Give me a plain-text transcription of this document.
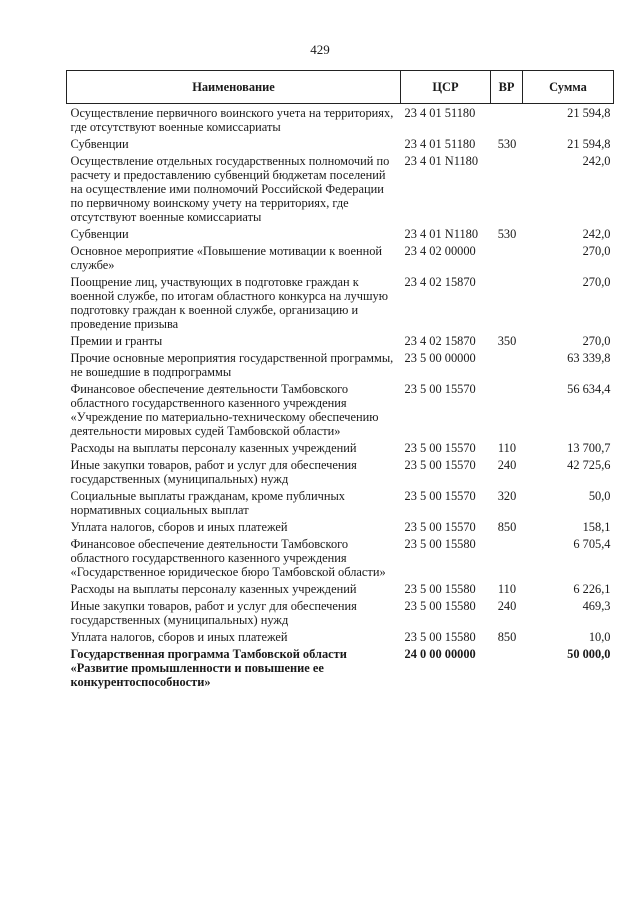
429
Наименование	ЦСР	ВР	Сумма
Осуществление первичного воинского учета на территориях, где отсутствуют военные комиссариаты	23 4 01 51180		21 594,8
Субвенции	23 4 01 51180	530	21 594,8
Осуществление отдельных государственных полномочий по расчету и предоставлению субвенций бюджетам поселений на осуществление ими полномочий Российской Федерации по первичному воинскому учету на территориях, где отсутствуют военные комиссариаты	23 4 01 N1180		242,0
Субвенции	23 4 01 N1180	530	242,0
Основное мероприятие «Повышение мотивации к военной службе»	23 4 02 00000		270,0
Поощрение лиц, участвующих в подготовке граждан к военной службе, по итогам областного конкурса на лучшую подготовку граждан к военной службе, организацию и проведение призыва	23 4 02 15870		270,0
Премии и гранты	23 4 02 15870	350	270,0
Прочие основные мероприятия государственной программы, не вошедшие в подпрограммы	23 5 00 00000		63 339,8
Финансовое обеспечение деятельности Тамбовского областного государственного казенного учреждения «Учреждение по материально-техническому обеспечению деятельности мировых судей Тамбовской области»	23 5 00 15570		56 634,4
Расходы на выплаты персоналу казенных учреждений	23 5 00 15570	110	13 700,7
Иные закупки товаров, работ и услуг для обеспечения государственных (муниципальных) нужд	23 5 00 15570	240	42 725,6
Социальные выплаты гражданам, кроме публичных нормативных социальных выплат	23 5 00 15570	320	50,0
Уплата налогов, сборов и иных платежей	23 5 00 15570	850	158,1
Финансовое обеспечение деятельности Тамбовского областного государственного казенного учреждения «Государственное юридическое бюро Тамбовской области»	23 5 00 15580		6 705,4
Расходы на выплаты персоналу казенных учреждений	23 5 00 15580	110	6 226,1
Иные закупки товаров, работ и услуг для обеспечения государственных (муниципальных) нужд	23 5 00 15580	240	469,3
Уплата налогов, сборов и иных платежей	23 5 00 15580	850	10,0
Государственная программа Тамбовской области «Развитие промышленности и повышение ее конкурентоспособности»	24 0 00 00000		50 000,0
